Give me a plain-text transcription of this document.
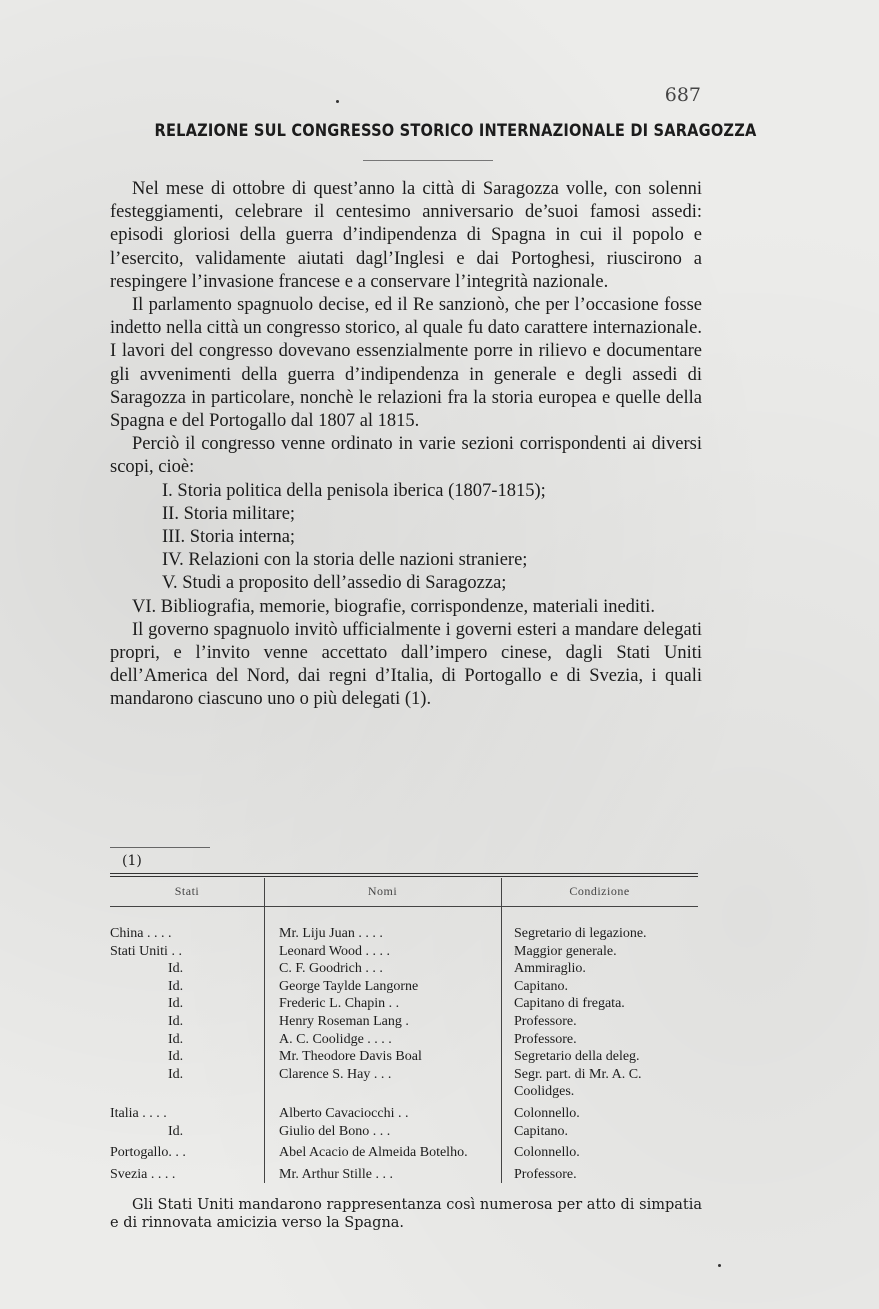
687
RELAZIONE SUL CONGRESSO STORICO INTERNAZIONALE DI SARAGOZZA

Nel mese di ottobre di quest’anno la città di Saragozza volle, con solenni festeggiamenti, celebrare il centesimo anniversario de’suoi famosi assedi: episodi gloriosi della guerra d’indipendenza di Spagna in cui il popolo e l’esercito, validamente aiutati dagl’Inglesi e dai Portoghesi, riuscirono a respingere l’invasione francese e a conservare l’integrità nazionale.

Il parlamento spagnuolo decise, ed il Re sanzionò, che per l’occasione fosse indetto nella città un congresso storico, al quale fu dato carattere internazionale. I lavori del congresso dovevano essenzialmente porre in rilievo e documentare gli avvenimenti della guerra d’indipendenza in generale e degli assedi di Saragozza in particolare, nonchè le relazioni fra la storia europea e quelle della Spagna e del Portogallo dal 1807 al 1815.

Perciò il congresso venne ordinato in varie sezioni corrispondenti ai diversi scopi, cioè:

I. Storia politica della penisola iberica (1807-1815);
II. Storia militare;
III. Storia interna;
IV. Relazioni con la storia delle nazioni straniere;
V. Studi a proposito dell’assedio di Saragozza;
VI. Bibliografia, memorie, biografie, corrispondenze, materiali inediti.

Il governo spagnuolo invitò ufficialmente i governi esteri a mandare delegati propri, e l’invito venne accettato dall’impero cinese, dagli Stati Uniti dell’America del Nord, dai regni d’Italia, di Portogallo e di Svezia, i quali mandarono ciascuno uno o più delegati (1).

(1)
Stati	Nomi	Condizione

China . . . .	Mr. Liju Juan . . . .	Segretario di legazione.

Stati Uniti . .	Leonard Wood . . . .	Maggior generale.

Id.	C. F. Goodrich . . .	Ammiraglio.

Id.	George Taylde Langorne	Capitano.

Id.	Frederic L. Chapin . .	Capitano di fregata.

Id.	Henry Roseman Lang .	Professore.

Id.	A. C. Coolidge . . . .	Professore.

Id.	Mr. Theodore Davis Boal	Segretario della deleg.

Id.	Clarence S. Hay . . .	Segr. part. di Mr. A. C. Coolidges.

Italia . . . .	Alberto Cavaciocchi . .	Colonnello.

Id.	Giulio del Bono . . .	Capitano.

Portogallo. . .	Abel Acacio de Almeida Botelho.	Colonnello.

Svezia . . . .	Mr. Arthur Stille . . .	Professore.

Gli Stati Uniti mandarono rappresentanza così numerosa per atto di simpatia e di rinnovata amicizia verso la Spagna.
